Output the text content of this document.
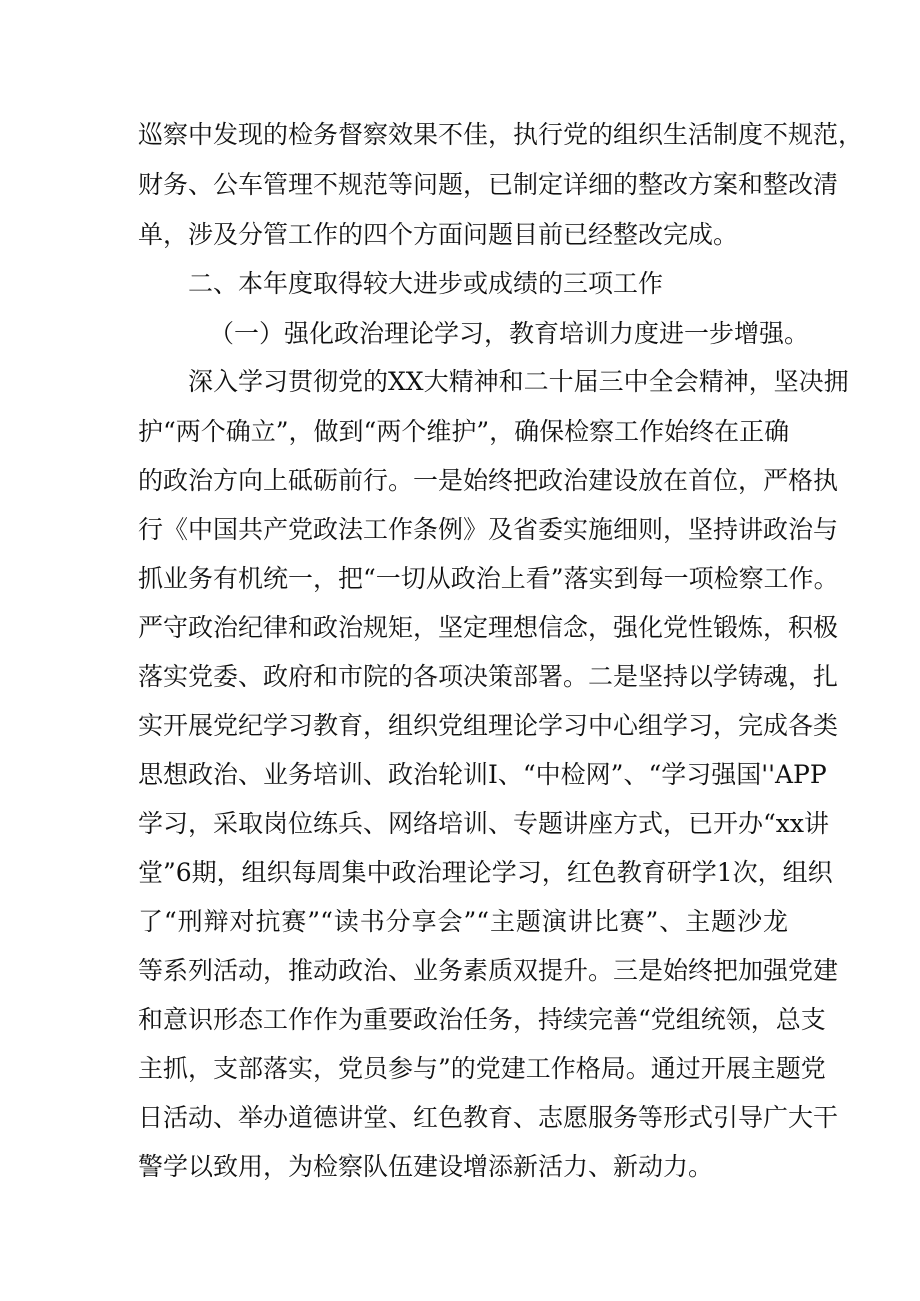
巡察中发现的检务督察效果不佳，执行党的组织生活制度不规范，
财务、公车管理不规范等问题，已制定详细的整改方案和整改清
单，涉及分管工作的四个方面问题目前已经整改完成。
二、本年度取得较大进步或成绩的三项工作
（一）强化政治理论学习，教育培训力度进一步增强。
深入学习贯彻党的XX大精神和二十届三中全会精神，坚决拥
护“两个确立”，做到“两个维护”，确保检察工作始终在正确
的政治方向上砥砺前行。一是始终把政治建设放在首位，严格执
行《中国共产党政法工作条例》及省委实施细则，坚持讲政治与
抓业务有机统一，把“一切从政治上看”落实到每一项检察工作。
严守政治纪律和政治规矩，坚定理想信念，强化党性锻炼，积极
落实党委、政府和市院的各项决策部署。二是坚持以学铸魂，扎
实开展党纪学习教育，组织党组理论学习中心组学习，完成各类
思想政治、业务培训、政治轮训I、“中检网”、“学习强国''APP
学习，采取岗位练兵、网络培训、专题讲座方式，已开办“xx讲
堂”6期，组织每周集中政治理论学习，红色教育研学1次，组织
了“刑辩对抗赛”“读书分享会”“主题演讲比赛”、主题沙龙
等系列活动，推动政治、业务素质双提升。三是始终把加强党建
和意识形态工作作为重要政治任务，持续完善“党组统领，总支
主抓，支部落实，党员参与”的党建工作格局。通过开展主题党
日活动、举办道德讲堂、红色教育、志愿服务等形式引导广大干
警学以致用，为检察队伍建设增添新活力、新动力。
